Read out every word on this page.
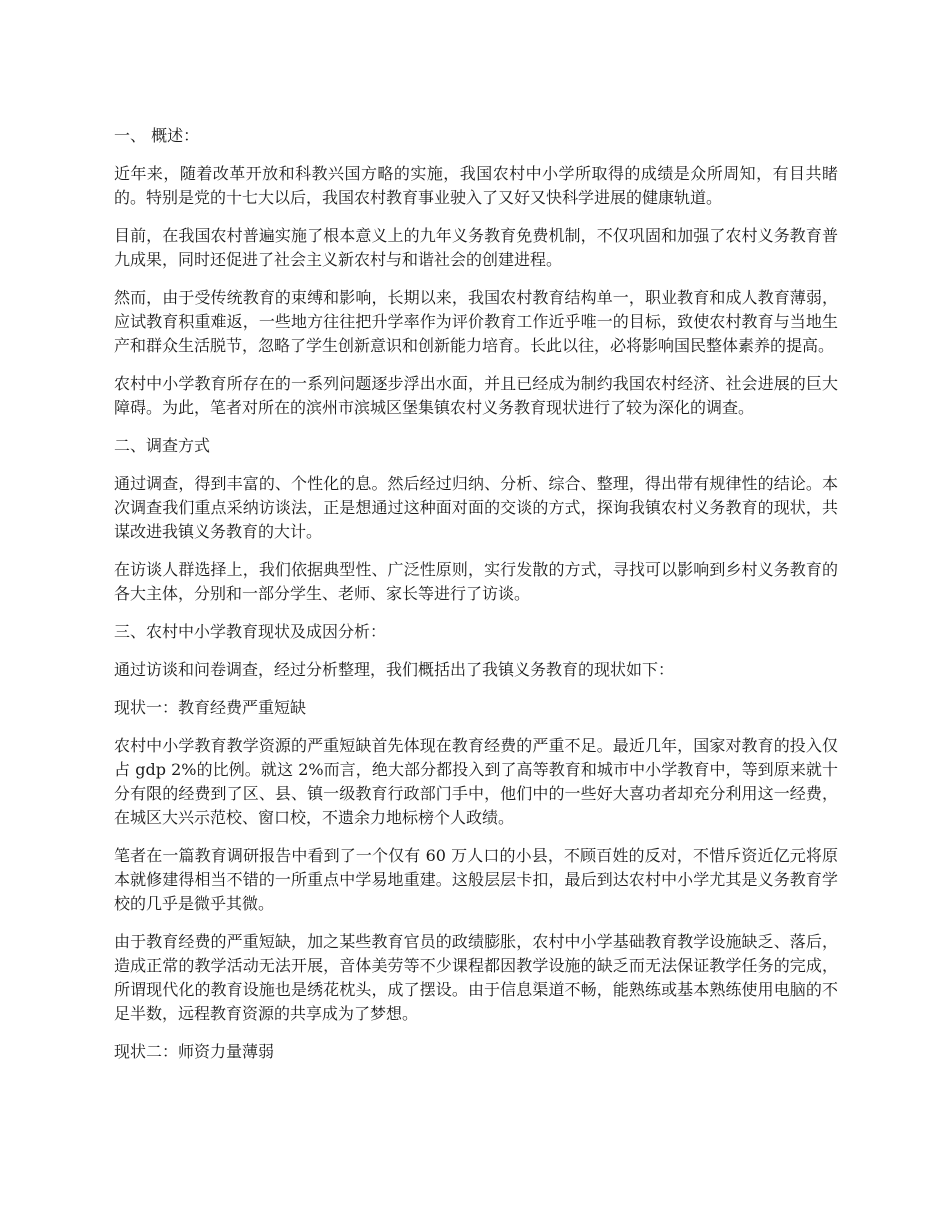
一、 概述：
近年来，随着改革开放和科教兴国方略的实施，我国农村中小学所取得的成绩是众所周知，有目共睹的。特别是党的十七大以后，我国农村教育事业驶入了又好又快科学进展的健康轨道。
目前，在我国农村普遍实施了根本意义上的九年义务教育免费机制，不仅巩固和加强了农村义务教育普九成果，同时还促进了社会主义新农村与和谐社会的创建进程。
然而，由于受传统教育的束缚和影响，长期以来，我国农村教育结构单一，职业教育和成人教育薄弱，应试教育积重难返，一些地方往往把升学率作为评价教育工作近乎唯一的目标，致使农村教育与当地生产和群众生活脱节，忽略了学生创新意识和创新能力培育。长此以往，必将影响国民整体素养的提高。
农村中小学教育所存在的一系列问题逐步浮出水面，并且已经成为制约我国农村经济、社会进展的巨大障碍。为此，笔者对所在的滨州市滨城区堡集镇农村义务教育现状进行了较为深化的调查。
二、调查方式
通过调查，得到丰富的、个性化的息。然后经过归纳、分析、综合、整理，得出带有规律性的结论。本次调查我们重点采纳访谈法，正是想通过这种面对面的交谈的方式，探询我镇农村义务教育的现状，共谋改进我镇义务教育的大计。
在访谈人群选择上，我们依据典型性、广泛性原则，实行发散的方式，寻找可以影响到乡村义务教育的各大主体，分别和一部分学生、老师、家长等进行了访谈。
三、农村中小学教育现状及成因分析：
通过访谈和问卷调查，经过分析整理，我们概括出了我镇义务教育的现状如下：
现状一：教育经费严重短缺
农村中小学教育教学资源的严重短缺首先体现在教育经费的严重不足。最近几年，国家对教育的投入仅占 gdp 2%的比例。就这 2%而言，绝大部分都投入到了高等教育和城市中小学教育中，等到原来就十分有限的经费到了区、县、镇一级教育行政部门手中，他们中的一些好大喜功者却充分利用这一经费，在城区大兴示范校、窗口校，不遗余力地标榜个人政绩。
笔者在一篇教育调研报告中看到了一个仅有 60 万人口的小县，不顾百姓的反对，不惜斥资近亿元将原本就修建得相当不错的一所重点中学易地重建。这般层层卡扣，最后到达农村中小学尤其是义务教育学校的几乎是微乎其微。
由于教育经费的严重短缺，加之某些教育官员的政绩膨胀，农村中小学基础教育教学设施缺乏、落后，造成正常的教学活动无法开展，音体美劳等不少课程都因教学设施的缺乏而无法保证教学任务的完成，所谓现代化的教育设施也是绣花枕头，成了摆设。由于信息渠道不畅，能熟练或基本熟练使用电脑的不足半数，远程教育资源的共享成为了梦想。
现状二：师资力量薄弱
